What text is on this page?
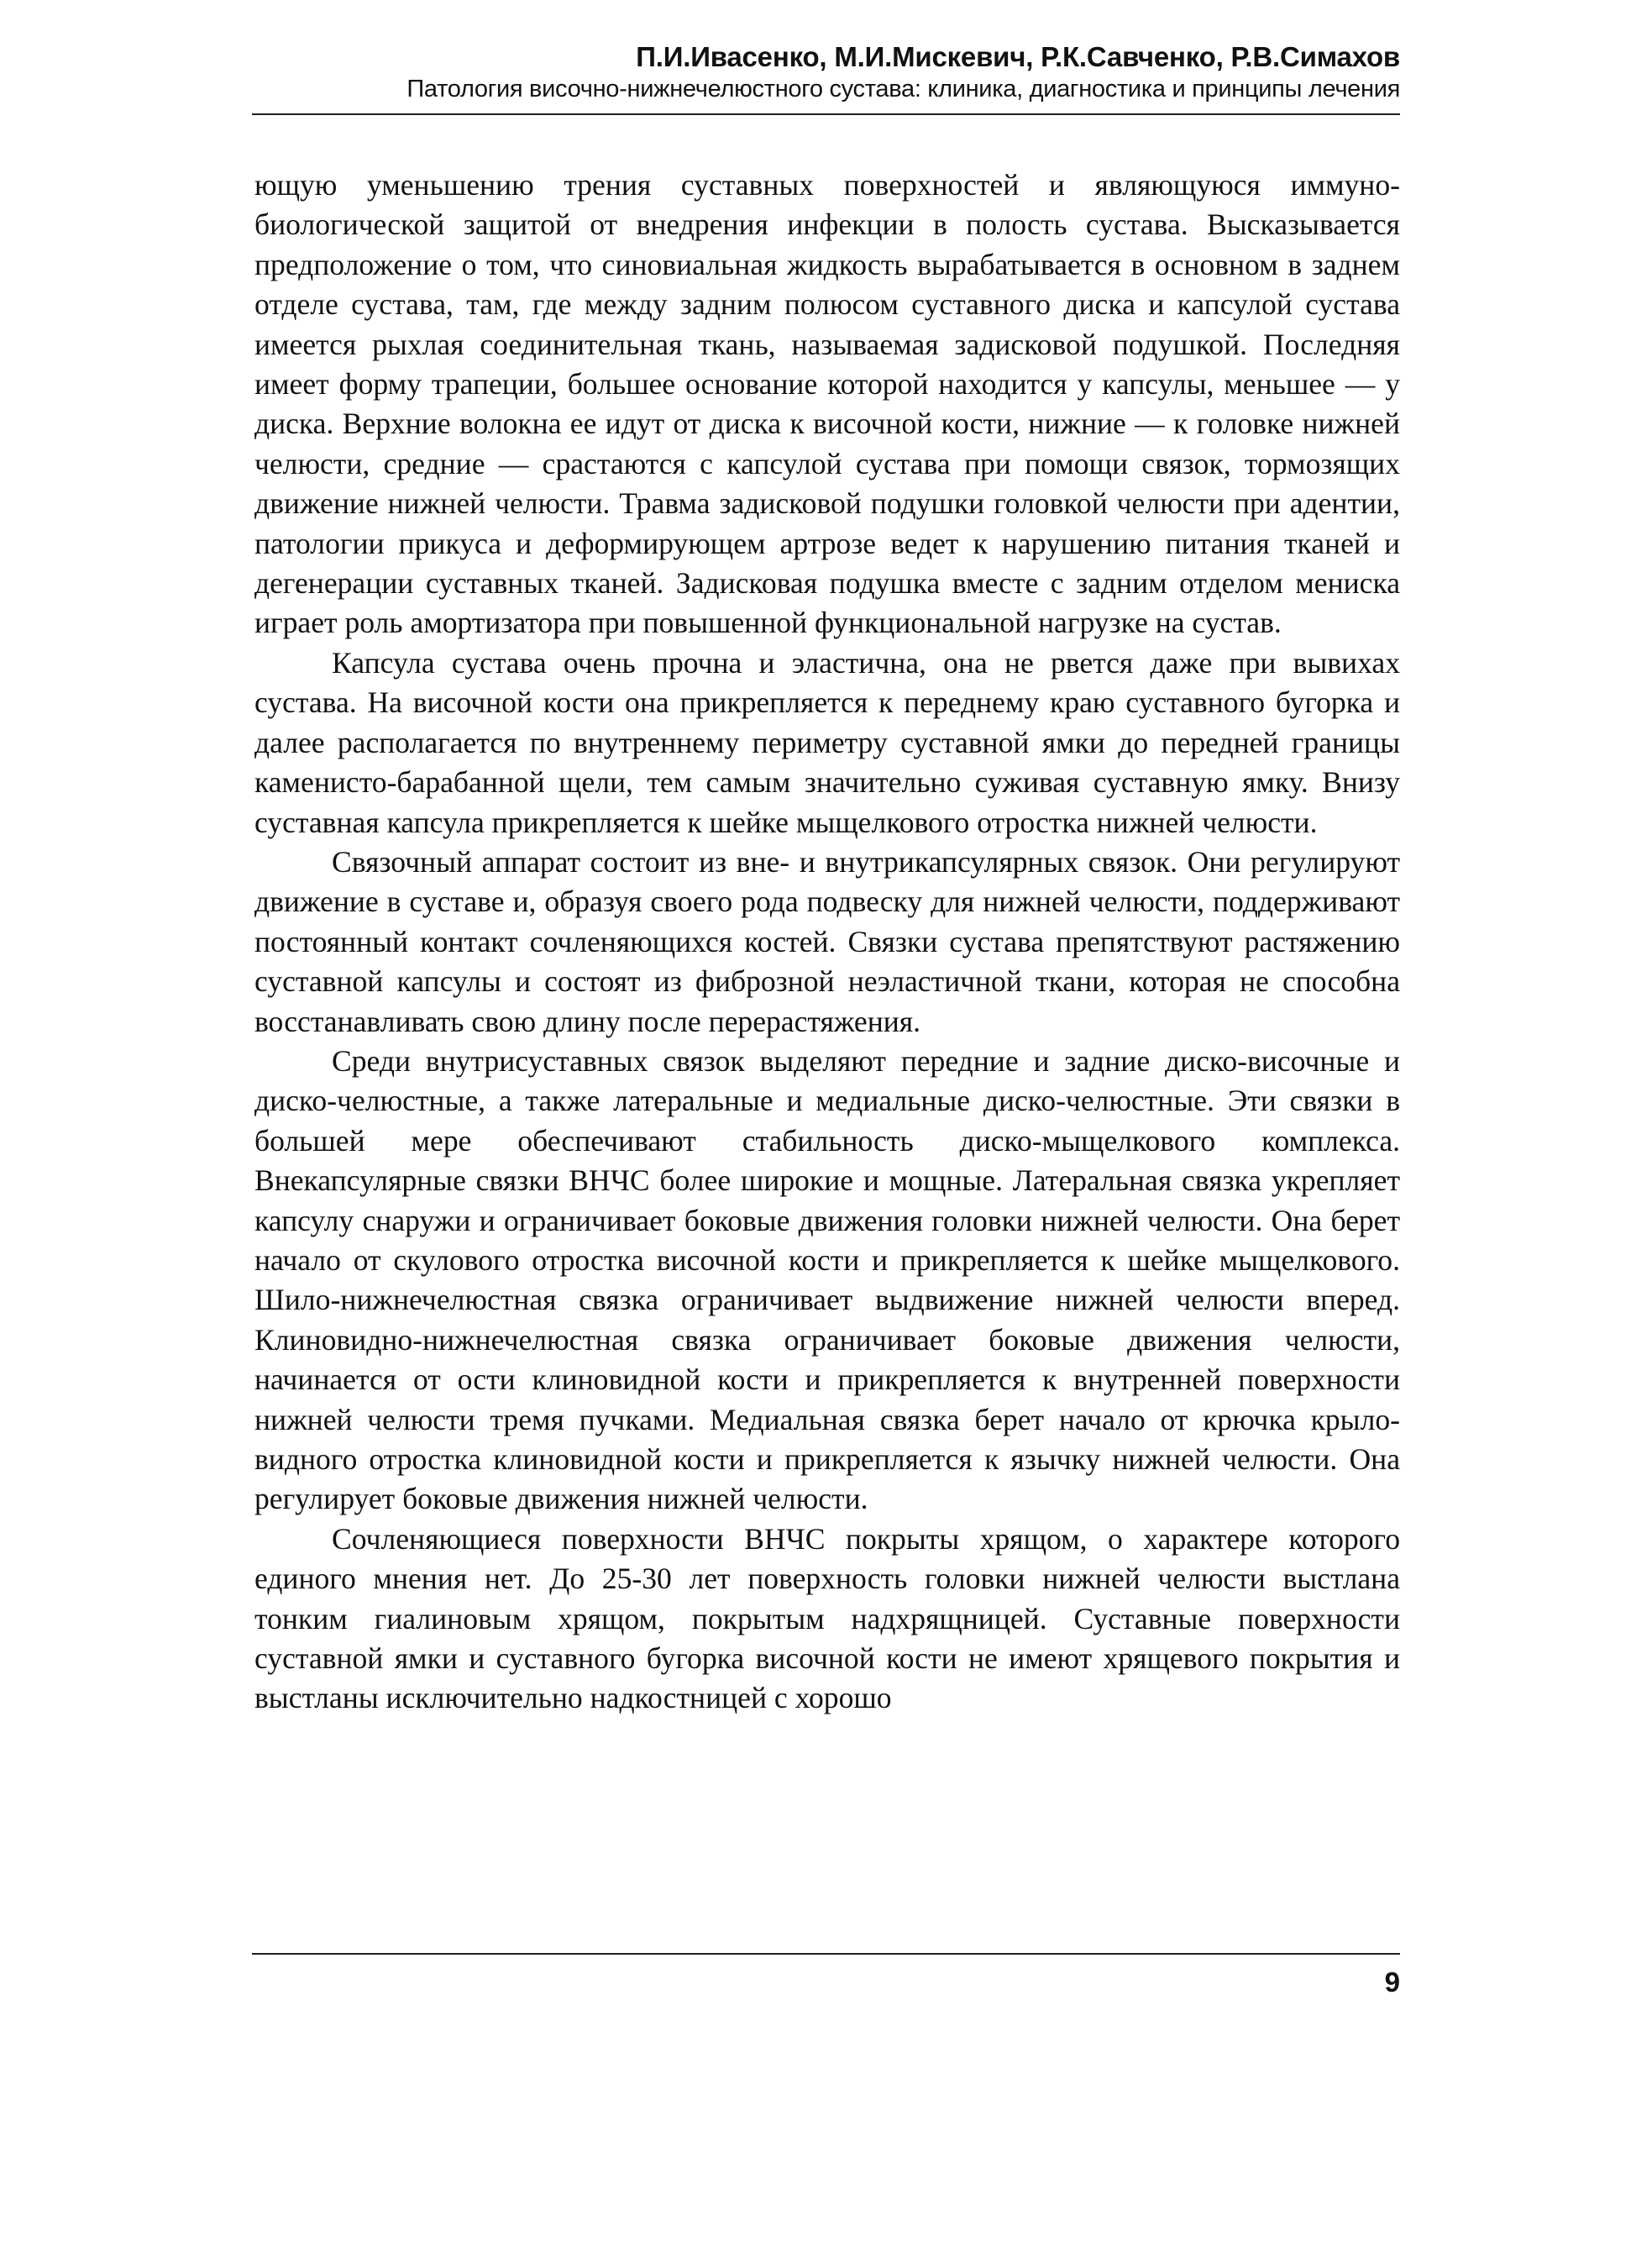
П.И.Ивасенко, М.И.Мискевич, Р.К.Савченко, Р.В.Симахов
Патология височно-нижнечелюстного сустава: клиника, диагностика и принципы лечения

ющую уменьшению трения суставных поверхностей и являющуюся иммунобиологической защитой от внедрения инфекции в полость сустава. Высказывается предположение о том, что синовиальная жидкость вырабатывается в основном в заднем отделе сустава, там, где между задним полюсом суставного диска и капсулой сустава имеется рыхлая соединительная ткань, называемая задисковой подушкой. Последняя имеет форму трапеции, большее основание которой находится у капсулы, меньшее — у диска. Верхние волокна ее идут от диска к височной кости, нижние — к головке нижней челюсти, средние — срастаются с капсулой сустава при помощи связок, тормозящих движение нижней челюсти. Травма задисковой подушки головкой челюсти при адентии, патологии прикуса и деформирующем артрозе ведет к нарушению питания тканей и дегенерации суставных тканей. Задисковая подушка вместе с задним отделом мениска играет роль амортизатора при повышенной функциональной нагрузке на сустав.

Капсула сустава очень прочна и эластична, она не рвется даже при вывихах сустава. На височной кости она прикрепляется к переднему краю суставного бугорка и далее располагается по внутреннему периметру суставной ямки до передней границы каменисто-барабанной щели, тем самым значительно суживая суставную ямку. Внизу суставная капсула прикрепляется к шейке мыщелкового отростка нижней челюсти.

Связочный аппарат состоит из вне- и внутрикапсулярных связок. Они регулируют движение в суставе и, образуя своего рода подвеску для нижней челюсти, поддерживают постоянный контакт сочленяющихся костей. Связки сустава препятствуют растяжению суставной капсулы и состоят из фиброзной неэластичной ткани, которая не способна восстанавливать свою длину после перерастяжения.

Среди внутрисуставных связок выделяют передние и задние диско-височные и диско-челюстные, а также латеральные и медиальные диско-челюстные. Эти связки в большей мере обеспечивают стабильность диско-мыщелкового комплекса. Внекапсулярные связки ВНЧС более широкие и мощные. Латеральная связка укрепляет капсулу снаружи и ограничивает боковые движения головки нижней челюсти. Она берет начало от скулового отростка височной кости и прикрепляется к шейке мыщелкового. Шило-нижнечелюстная связка ограничивает выдвижение нижней челюсти вперед. Клиновидно-нижнечелюстная связка ограничивает боковые движения челюсти, начинается от ости клиновидной кости и прикрепляется к внутренней поверхности нижней челюсти тремя пучками. Медиальная связка берет начало от крючка крыловидного отростка клиновидной кости и прикрепляется к язычку нижней челюсти. Она регулирует боковые движения нижней челюсти.

Сочленяющиеся поверхности ВНЧС покрыты хрящом, о характере которого единого мнения нет. До 25-30 лет поверхность головки нижней челюсти выстлана тонким гиалиновым хрящом, покрытым надхрящницей. Суставные поверхности суставной ямки и суставного бугорка височной кости не имеют хрящевого покрытия и выстланы исключительно надкостницей с хорошо

9
